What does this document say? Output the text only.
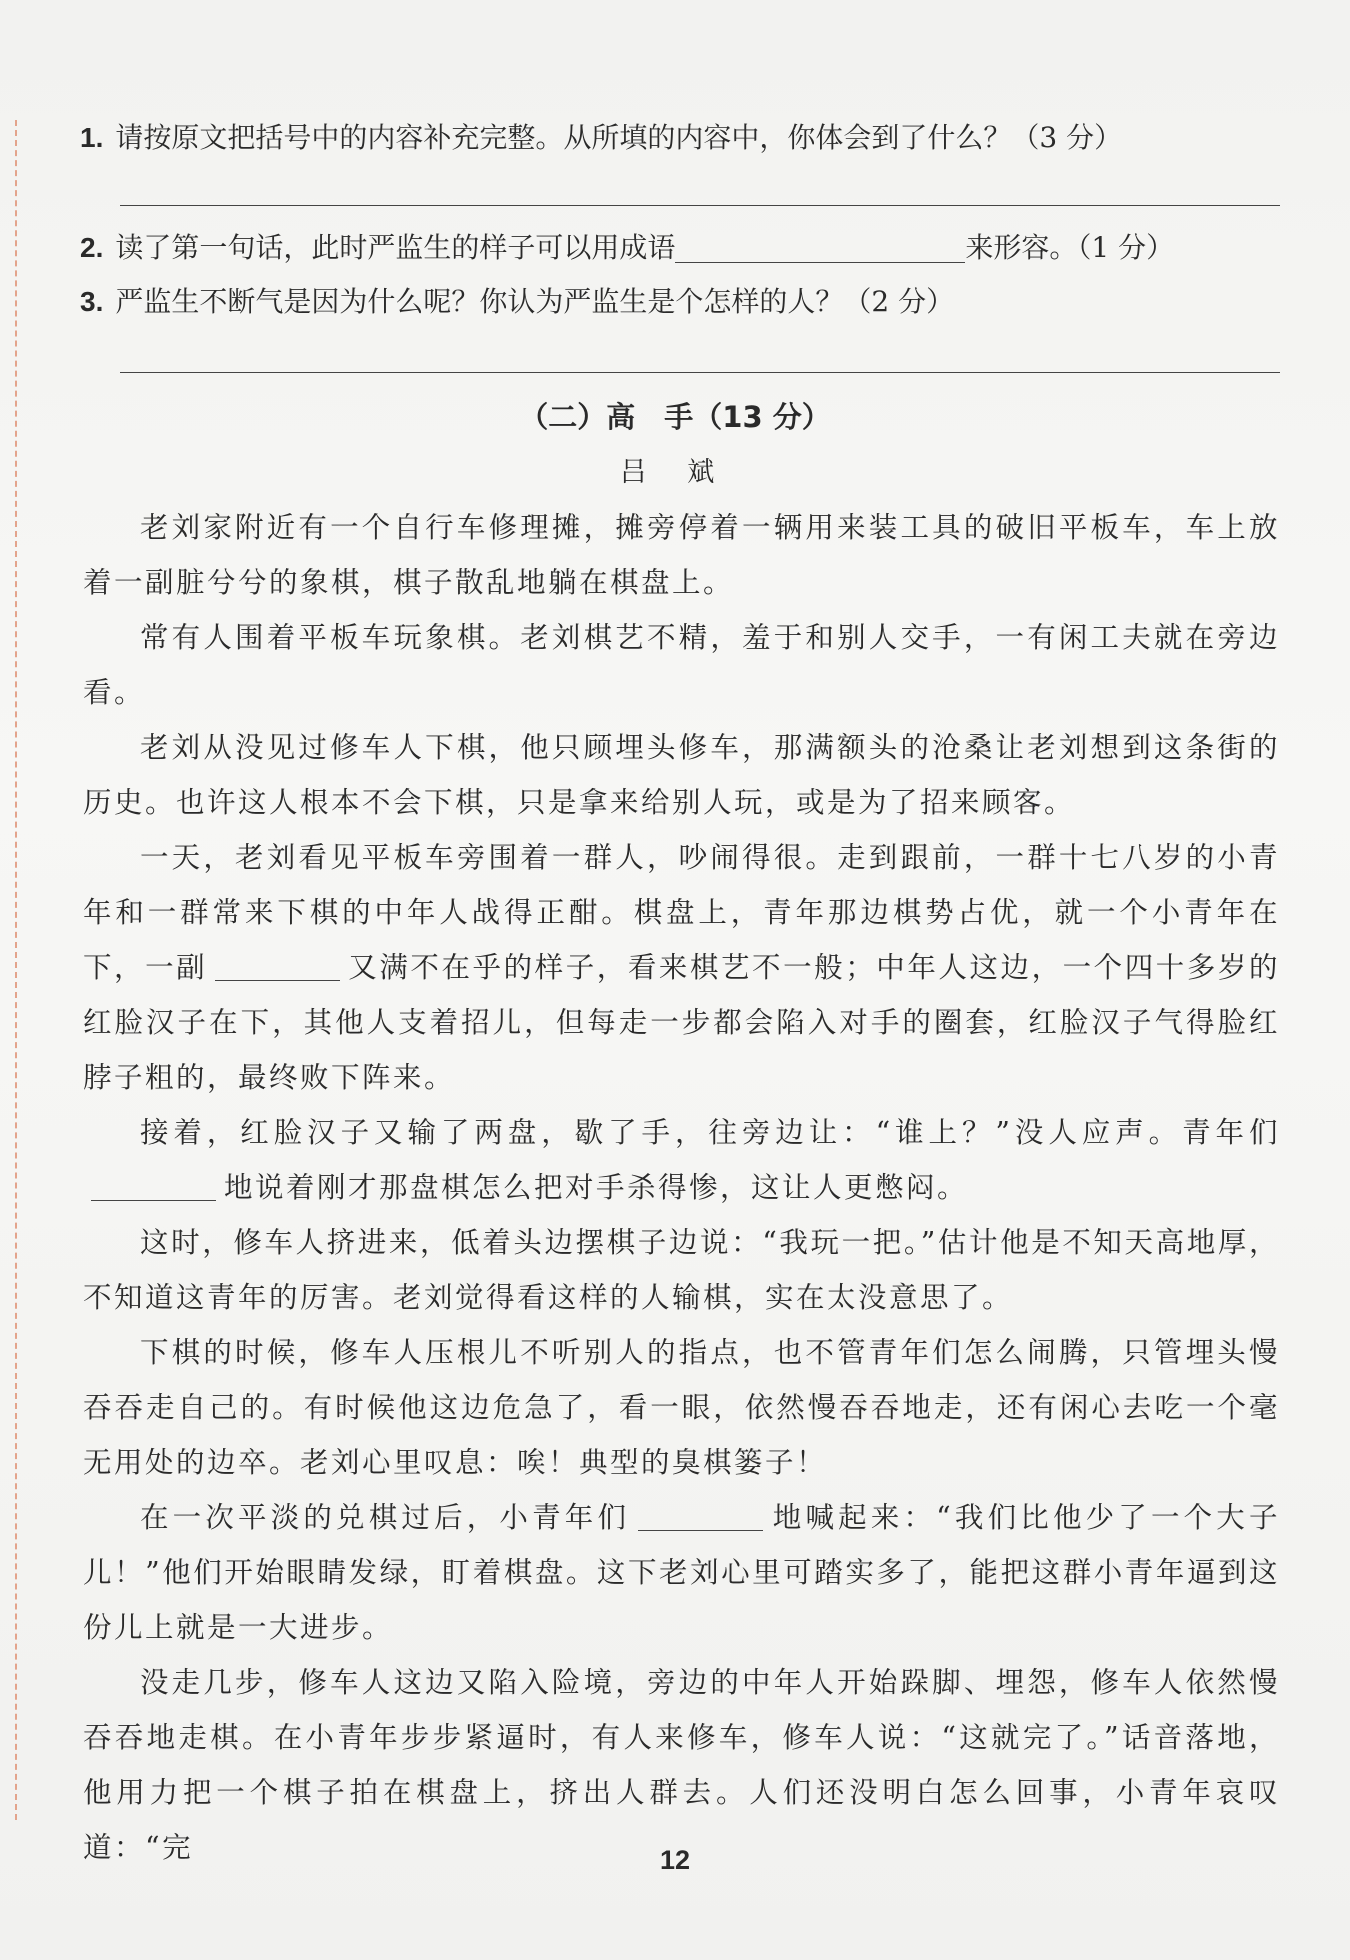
1. 请按原文把括号中的内容补充完整。从所填的内容中，你体会到了什么？（3 分）
2. 读了第一句话，此时严监生的样子可以用成语	来形容。（1 分）
3. 严监生不断气是因为什么呢？你认为严监生是个怎样的人？（2 分）
（二）高　手（13 分）
吕 斌

老刘家附近有一个自行车修理摊，摊旁停着一辆用来装工具的破旧平板车，车上放着一副脏兮兮的象棋，棋子散乱地躺在棋盘上。

常有人围着平板车玩象棋。老刘棋艺不精，羞于和别人交手，一有闲工夫就在旁边看。

老刘从没见过修车人下棋，他只顾埋头修车，那满额头的沧桑让老刘想到这条街的历史。也许这人根本不会下棋，只是拿来给别人玩，或是为了招来顾客。

一天，老刘看见平板车旁围着一群人，吵闹得很。走到跟前，一群十七八岁的小青年和一群常来下棋的中年人战得正酣。棋盘上，青年那边棋势占优，就一个小青年在下，一副	又满不在乎的样子，看来棋艺不一般；中年人这边，一个四十多岁的红脸汉子在下，其他人支着招儿，但每走一步都会陷入对手的圈套，红脸汉子气得脸红脖子粗的，最终败下阵来。

接着，红脸汉子又输了两盘，歇了手，往旁边让：“谁上？”没人应声。青年们地说着刚才那盘棋怎么把对手杀得惨，这让人更憋闷。

这时，修车人挤进来，低着头边摆棋子边说：“我玩一把。”估计他是不知天高地厚，不知道这青年的厉害。老刘觉得看这样的人输棋，实在太没意思了。

下棋的时候，修车人压根儿不听别人的指点，也不管青年们怎么闹腾，只管埋头慢吞吞走自己的。有时候他这边危急了，看一眼，依然慢吞吞地走，还有闲心去吃一个毫无用处的边卒。老刘心里叹息：唉！典型的臭棋篓子！

在一次平淡的兑棋过后，小青年们	地喊起来：“我们比他少了一个大子儿！”他们开始眼睛发绿，盯着棋盘。这下老刘心里可踏实多了，能把这群小青年逼到这份儿上就是一大进步。

没走几步，修车人这边又陷入险境，旁边的中年人开始跺脚、埋怨，修车人依然慢吞吞地走棋。在小青年步步紧逼时，有人来修车，修车人说：“这就完了。”话音落地，他用力把一个棋子拍在棋盘上，挤出人群去。人们还没明白怎么回事，小青年哀叹道：“完	12
